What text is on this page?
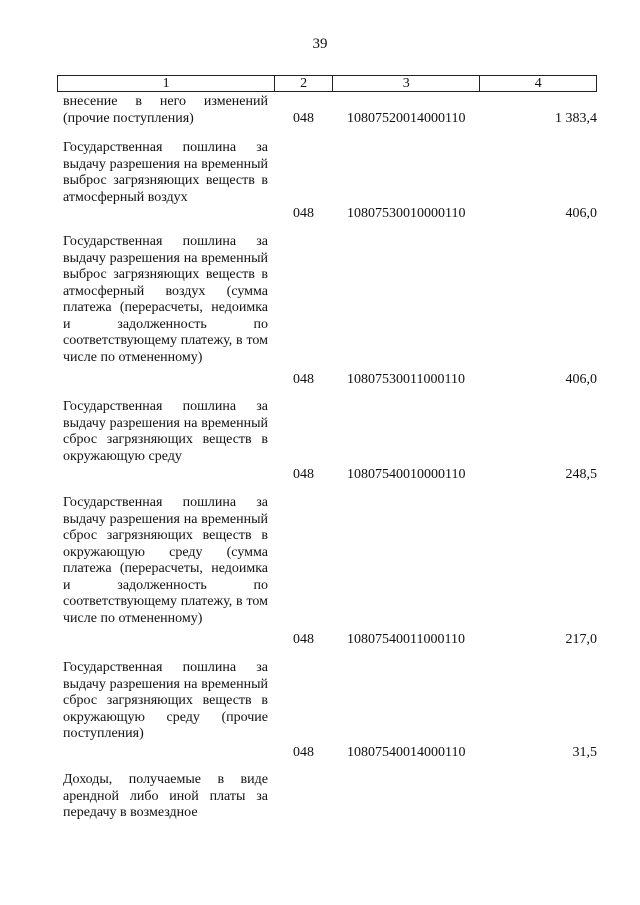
39
1	2	3	4
внесение в него изменений (прочие поступления)	048 10807520014000110	1 383,4
Государственная пошлина за выдачу разрешения на временный выброс загрязняющих веществ в атмосферный воздух
048 10807530010000110	406,0
Государственная пошлина за выдачу разрешения на временный выброс загрязняющих веществ в атмосферный воздух (сумма платежа (перерасчеты, недоимка и задолженность по соответствующему платежу, в том числе по отмененному)
048 10807530011000110	406,0
Государственная пошлина за выдачу разрешения на временный сброс загрязняющих веществ в окружающую среду
048 10807540010000110	248,5
Государственная пошлина за выдачу разрешения на временный сброс загрязняющих веществ в окружающую среду (сумма платежа (перерасчеты, недоимка и задолженность по соответствующему платежу, в том числе по отмененному)
048 10807540011000110	217,0
Государственная пошлина за выдачу разрешения на временный сброс загрязняющих веществ в окружающую среду (прочие поступления)
048 10807540014000110	31,5
Доходы, получаемые в виде арендной либо иной платы за передачу в возмездное
